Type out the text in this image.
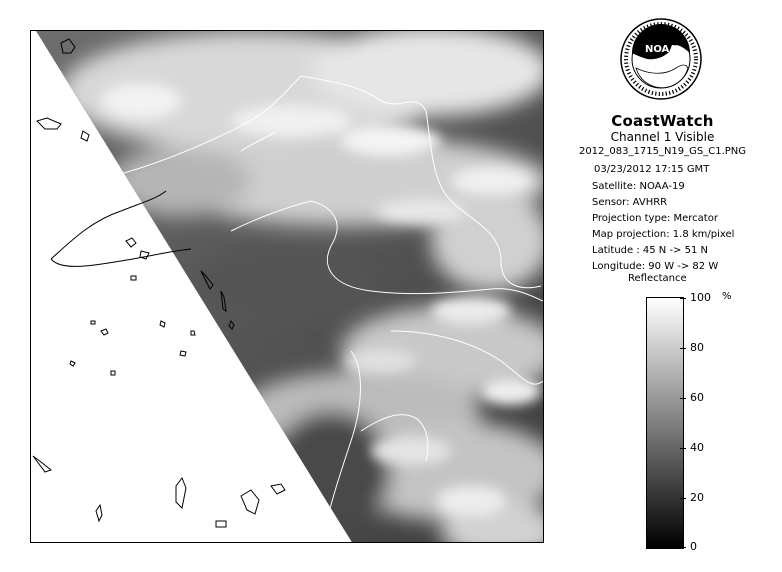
NOAA
CoastWatch
Channel 1 Visible
2012_083_1715_N19_GS_C1.PNG
03/23/2012 17:15 GMT
Satellite: NOAA-19
Sensor: AVHRR
Projection type: Mercator
Map projection: 1.8 km/pixel
Latitude : 45 N -> 51 N
Longitude: 90 W -> 82 W
Reflectance
%
100
80
60
40
20
0
